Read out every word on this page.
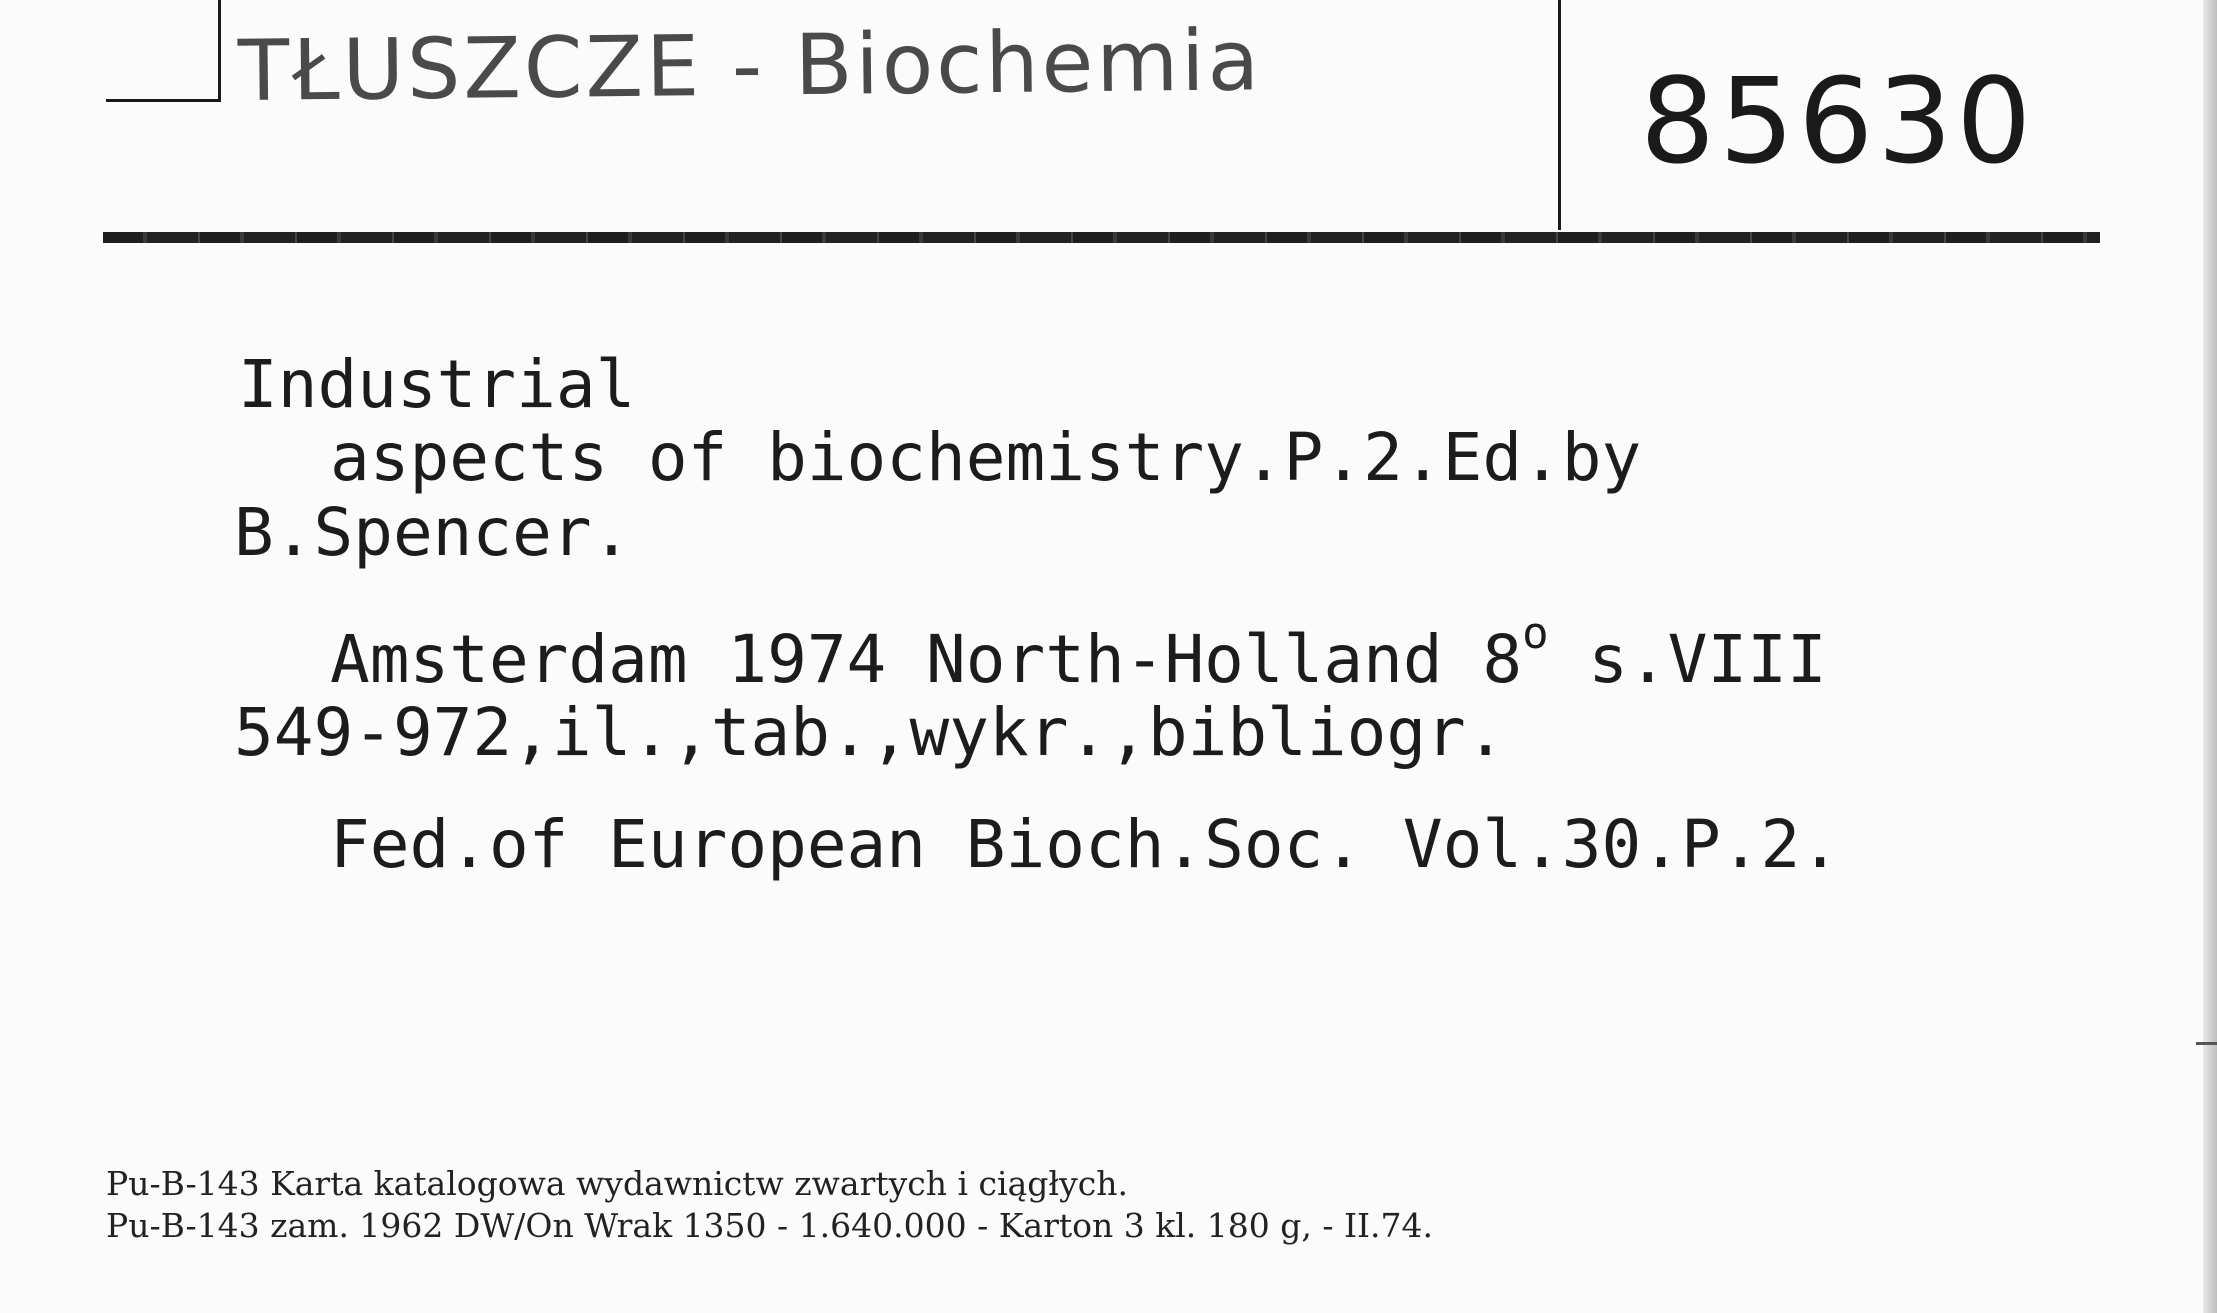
TŁUSZCZE - Biochemia	85630
Industrial
aspects of biochemistry.P.2.Ed.by
B.Spencer.
Amsterdam 1974 North-Holland 8$^o$ s.VIII
549-972,il.,tab.,wykr.,bibliogr.
Fed.of European Bioch.Soc. Vol.30.P.2.
Pu-B-143 Karta katalogowa wydawnictw zwartych i ciągłych.
Pu-B-143 zam. 1962 DW/On Wrak 1350 - 1.640.000 - Karton 3 kl. 180 g, - II.74.
